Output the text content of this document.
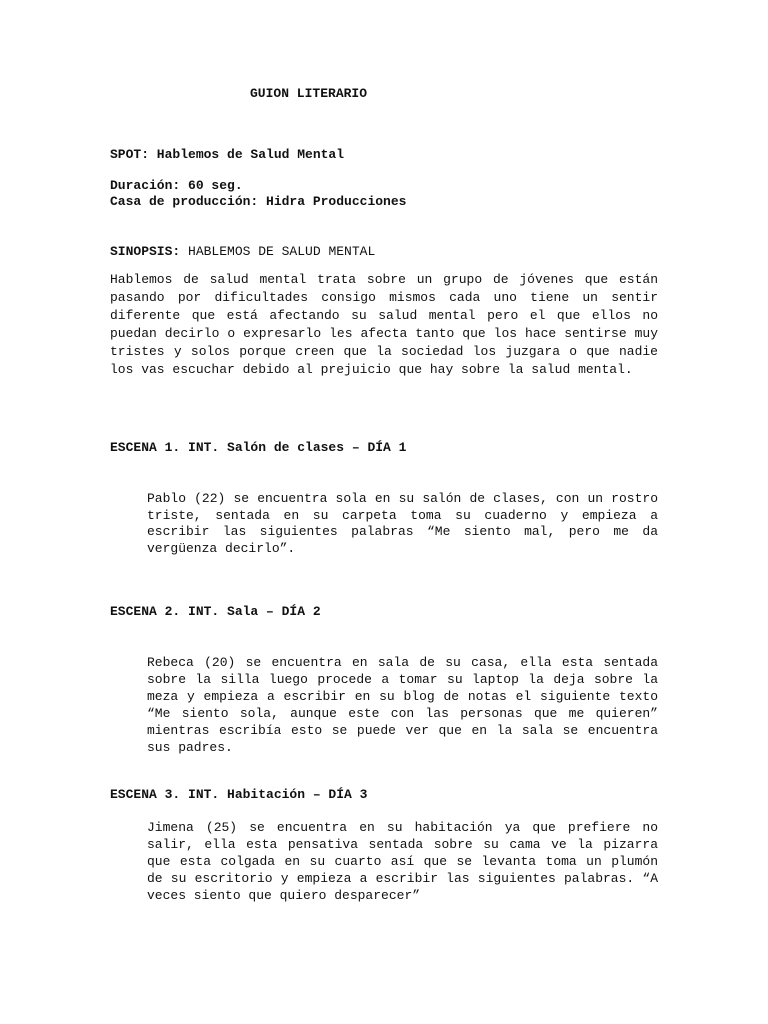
GUION LITERARIO

SPOT: Hablemos de Salud Mental

Duración: 60 seg.

Casa de producción: Hidra Producciones

SINOPSIS: HABLEMOS DE SALUD MENTAL

Hablemos de salud mental trata sobre un grupo de jóvenes que están pasando por dificultades consigo mismos cada uno tiene un sentir diferente que está afectando su salud mental pero el que ellos no puedan decirlo o expresarlo les afecta tanto que los hace sentirse muy tristes y solos porque creen que la sociedad los juzgara o que nadie los vas escuchar debido al prejuicio que hay sobre la salud mental.

ESCENA 1. INT. Salón de clases – DÍA 1

Pablo (22) se encuentra sola en su salón de clases, con un rostro triste, sentada en su carpeta toma su cuaderno y empieza a escribir las siguientes palabras “Me siento mal, pero me da vergüenza decirlo”.

ESCENA 2. INT. Sala – DÍA 2

Rebeca (20) se encuentra en sala de su casa, ella esta sentada sobre la silla luego procede a tomar su laptop la deja sobre la meza y empieza a escribir en su blog de notas el siguiente texto “Me siento sola, aunque este con las personas que me quieren” mientras escribía esto se puede ver que en la sala se encuentra sus padres.

ESCENA 3. INT. Habitación – DÍA 3

Jimena (25) se encuentra en su habitación ya que prefiere no salir, ella esta pensativa sentada sobre su cama ve la pizarra que esta colgada en su cuarto así que se levanta toma un plumón de su escritorio y empieza a escribir las siguientes palabras. “A veces siento que quiero desparecer”
